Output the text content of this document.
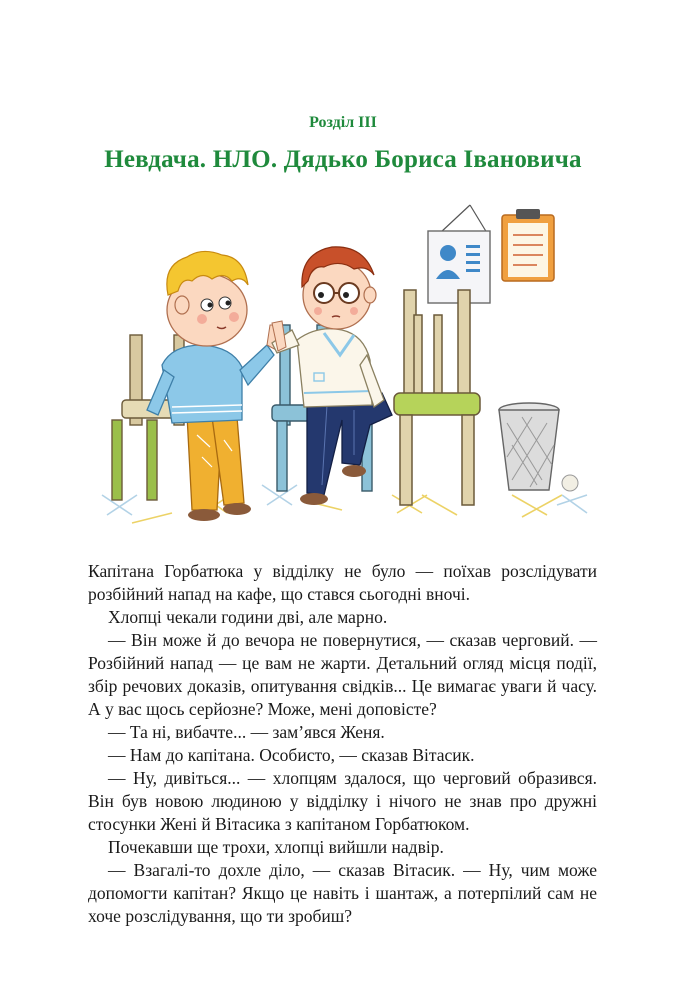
Розділ ІІІ
Невдача. НЛО. Дядько Бориса Івановича

Капітана Горбатюка у відділку не було — поїхав розслідувати розбійний напад на кафе, що стався сьогодні вночі.

Хлопці чекали години дві, але марно.

— Він може й до вечора не повернутися, — сказав черговий. — Розбійний напад — це вам не жарти. Детальний огляд місця події, збір речових доказів, опитування свідків... Це вимагає уваги й часу. А у вас щось серйозне? Може, мені доповісте?

— Та ні, вибачте... — зам’явся Женя.

— Нам до капітана. Особисто, — сказав Вітасик.

— Ну, дивіться... — хлопцям здалося, що черговий образився. Він був новою людиною у відділку і нічого не знав про дружні стосунки Жені й Вітасика з капітаном Горбатюком.

Почекавши ще трохи, хлопці вийшли надвір.

— Взагалі-то дохле діло, — сказав Вітасик. — Ну, чим може допомогти капітан? Якщо це навіть і шантаж, а потерпілий сам не хоче розслідування, що ти зробиш?
